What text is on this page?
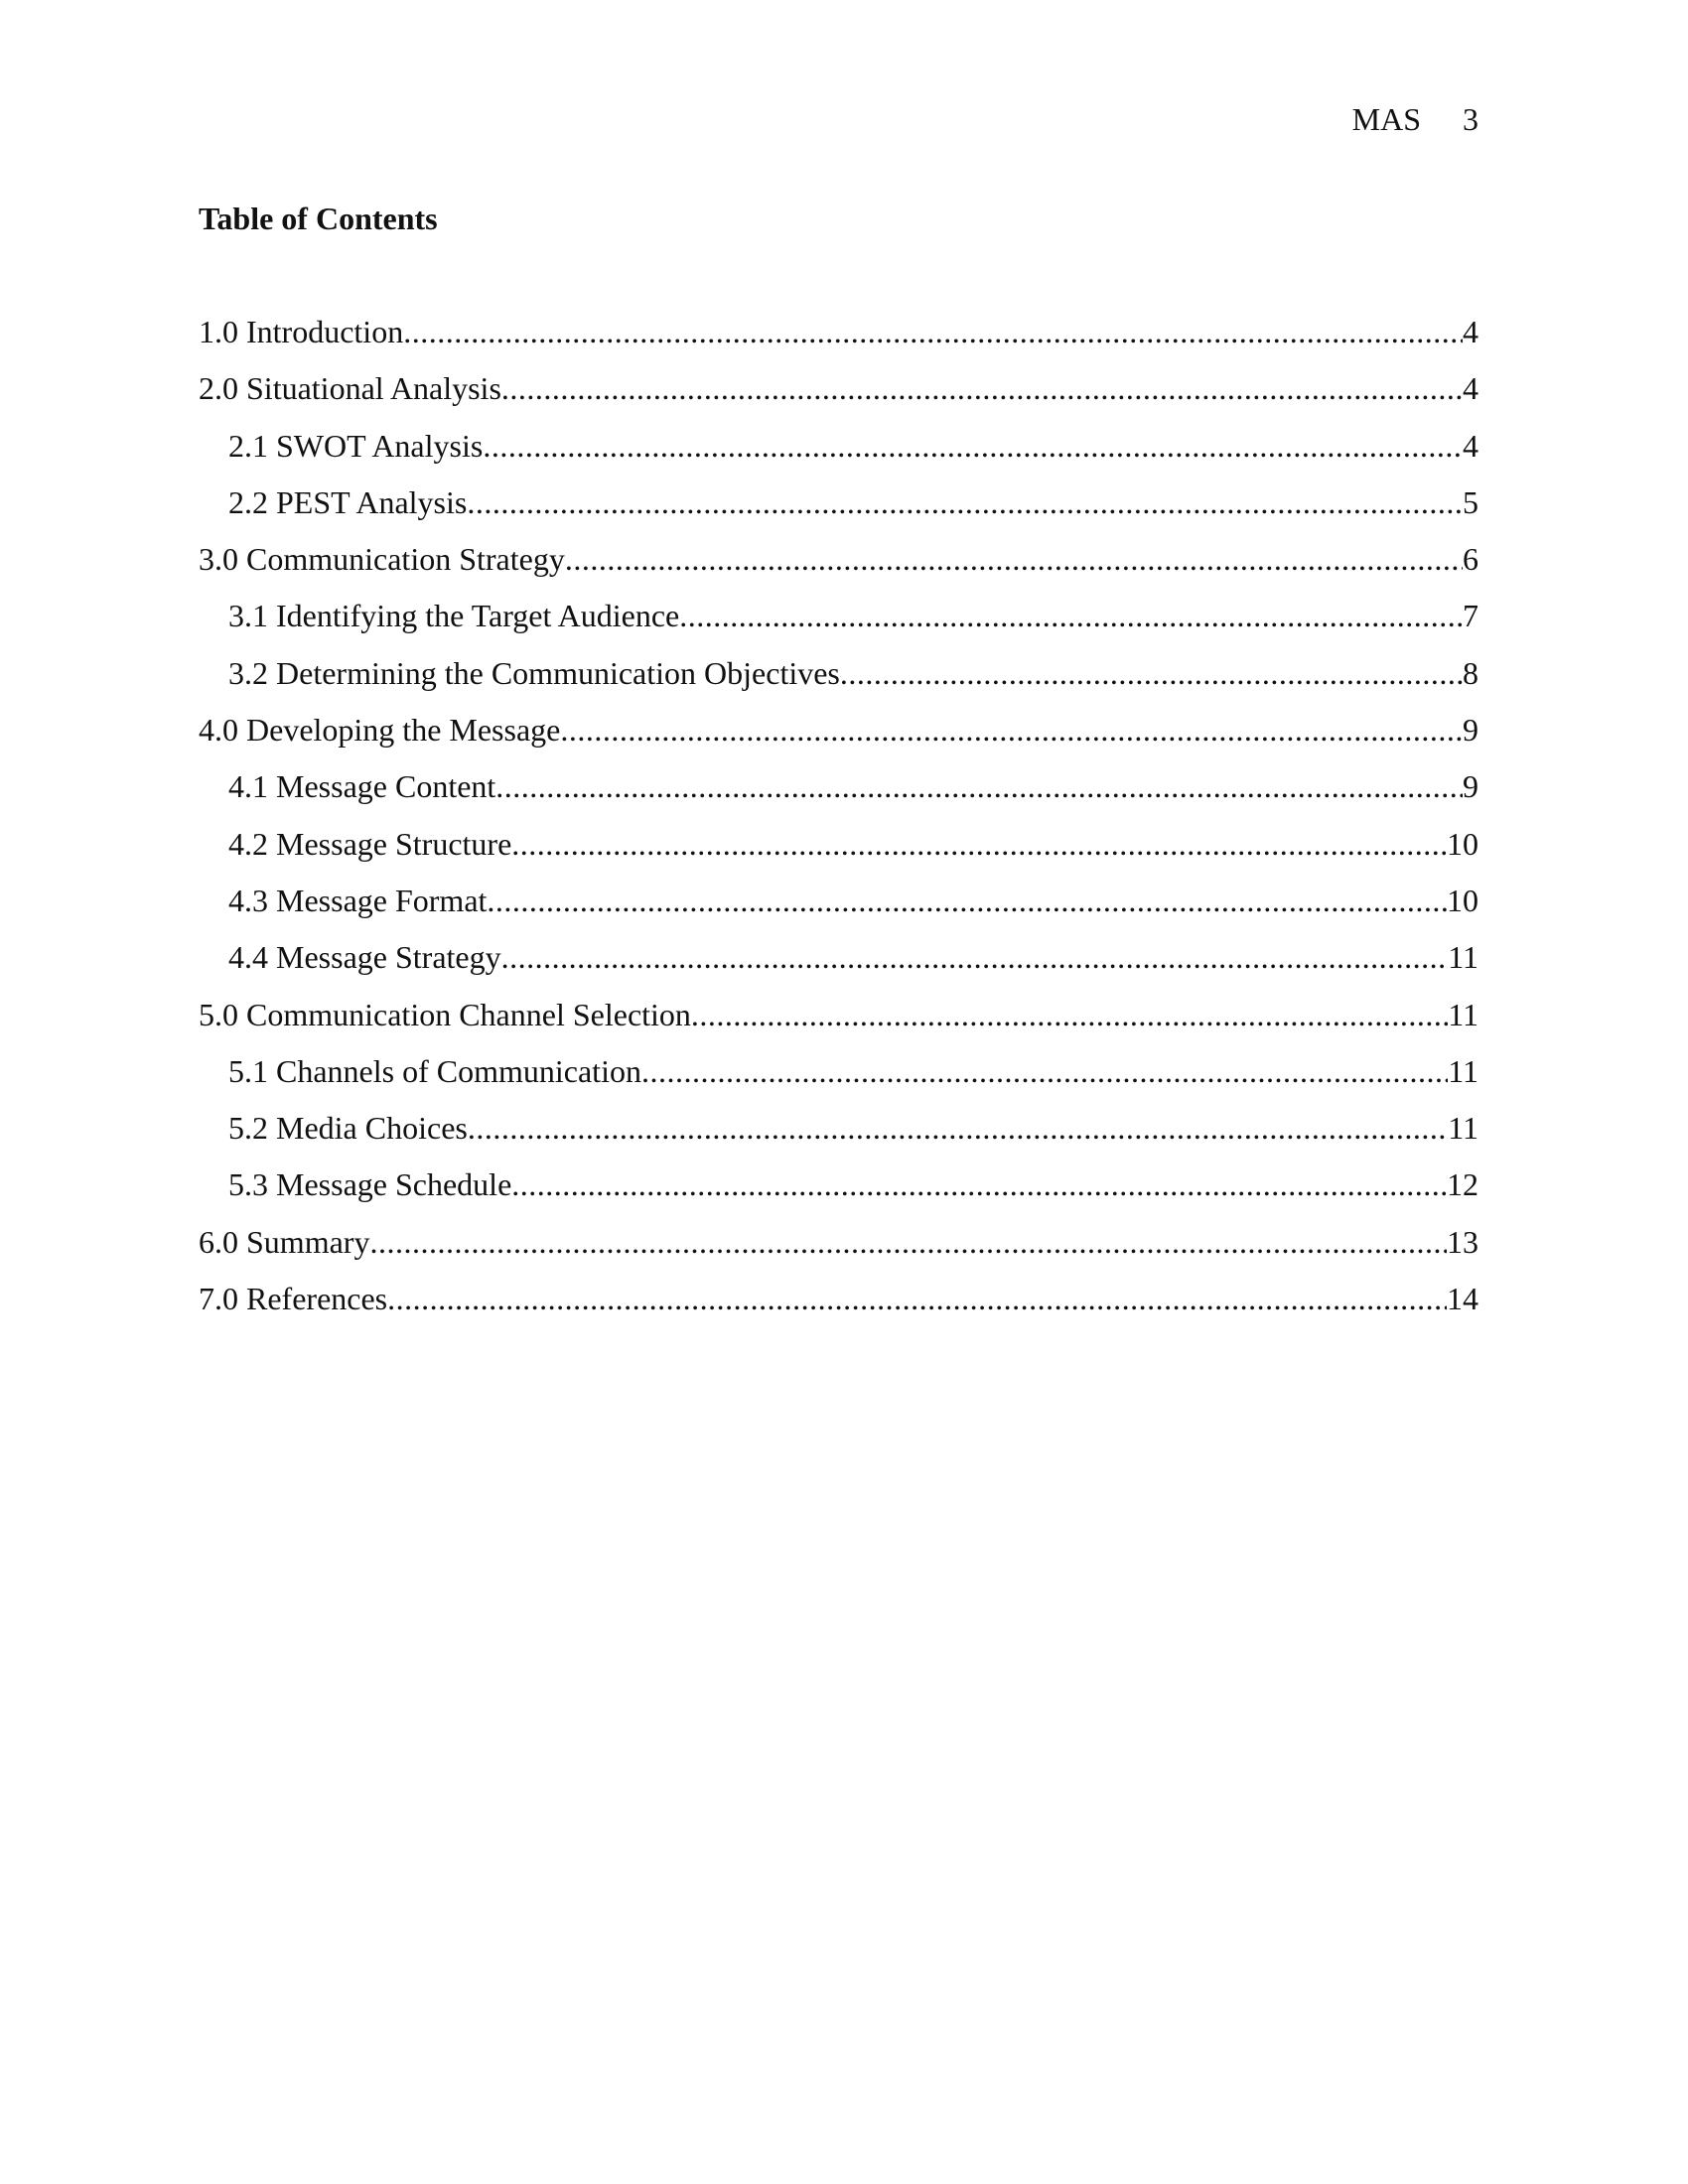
MAS 3
Table of Contents
1.0 Introduction .....	4
2.0 Situational Analysis .....	4
2.1 SWOT Analysis .....	4
2.2 PEST Analysis .....	5
3.0 Communication Strategy .....	6
3.1 Identifying the Target Audience .....	7
3.2 Determining the Communication Objectives .....	8
4.0 Developing the Message .....	9
4.1 Message Content .....	9
4.2 Message Structure .....	10
4.3 Message Format .....	10
4.4 Message Strategy .....	11
5.0 Communication Channel Selection .....	11
5.1 Channels of Communication .....	11
5.2 Media Choices .....	11
5.3 Message Schedule .....	12
6.0 Summary .....	13
7.0 References .....	14
